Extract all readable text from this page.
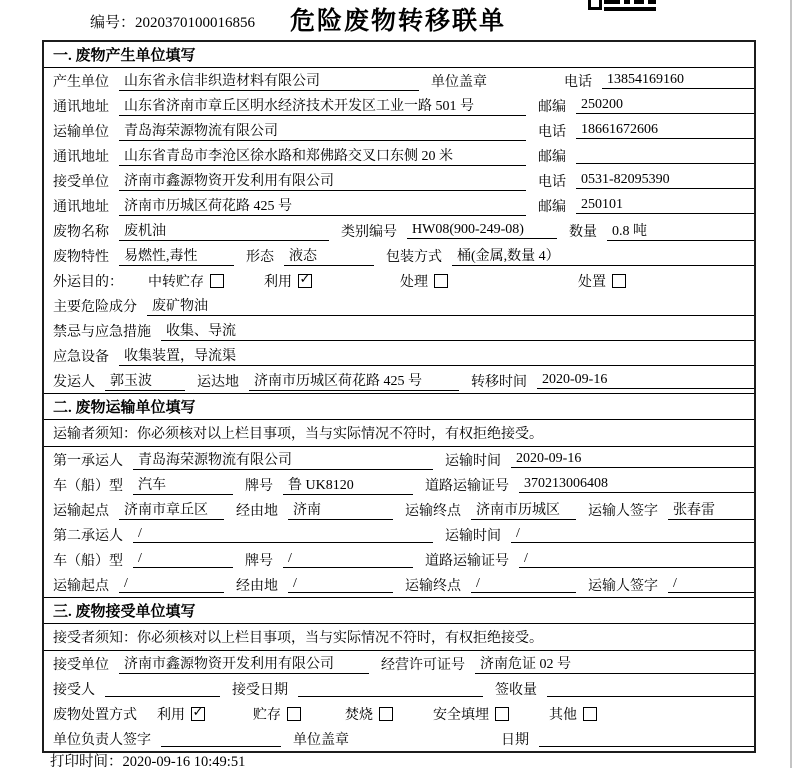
编号：2020370100016856	危险废物转移联单
一. 废物产生单位填写
产生单位	山东省永信非织造材料有限公司	单位盖章	电话	13854169160
通讯地址	山东省济南市章丘区明水经济技术开发区工业一路 501 号	邮编	250200
运输单位	青岛海荣源物流有限公司	电话	18661672606
通讯地址	山东省青岛市李沧区徐水路和郑佛路交叉口东侧 20 米	邮编
接受单位	济南市鑫源物资开发利用有限公司	电话	0531-82095390
通讯地址	济南市历城区荷花路 425 号	邮编	250101
废物名称	废机油	类别编号	HW08(900-249-08)	数量	0.8 吨
废物特性	易燃性,毒性	形态	液态	包装方式	桶(金属,数量 4）
外运目的： 中转贮存	利用 ✓	处理	处置
主要危险成分	废矿物油
禁忌与应急措施	收集、导流
应急设备	收集装置，导流渠
发运人	郭玉波	运达地	济南市历城区荷花路 425 号	转移时间	2020-09-16
二. 废物运输单位填写
运输者须知：你必须核对以上栏目事项，当与实际情况不符时，有权拒绝接受。
第一承运人	青岛海荣源物流有限公司	运输时间	2020-09-16
车（船）型	汽车	牌号	鲁 UK8120	道路运输证号	370213006408
运输起点	济南市章丘区	经由地	济南	运输终点	济南市历城区	运输人签字	张春雷
第二承运人	/	运输时间	/
车（船）型	/	牌号	/	道路运输证号	/
运输起点	/	经由地	/	运输终点	/	运输人签字	/
三. 废物接受单位填写
接受者须知：你必须核对以上栏目事项，当与实际情况不符时，有权拒绝接受。
接受单位	济南市鑫源物资开发利用有限公司	经营许可证号	济南危证 02 号
接受人	接受日期	签收量
废物处置方式 利用 ✓	贮存	焚烧	安全填埋	其他
单位负责人签字	单位盖章	日期
打印时间：2020-09-16 10:49:51
